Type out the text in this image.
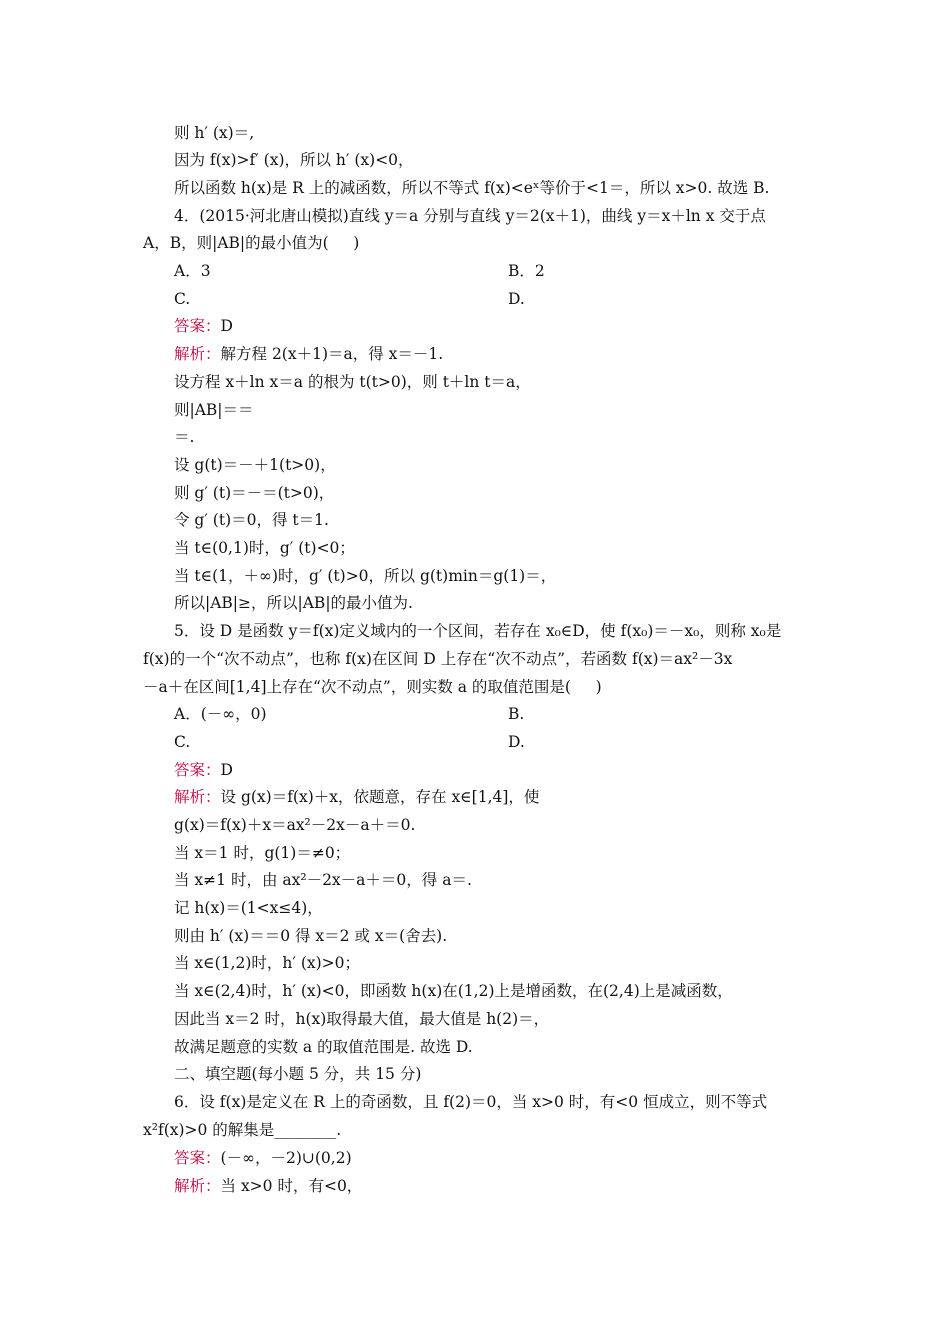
则 h′ (x)＝,
因为 f(x)>f′ (x)，所以 h′ (x)<0，
所以函数 h(x)是 R 上的减函数，所以不等式 f(x)<eˣ等价于<1＝，所以 x>0. 故选 B.
4．(2015·河北唐山模拟)直线 y＝a 分别与直线 y＝2(x＋1)，曲线 y＝x＋ln x 交于点
A，B，则|AB|的最小值为(     )
A．3	B．2
C.	D.
答案：D
解析：解方程 2(x＋1)＝a，得 x＝－1.
设方程 x＋ln x＝a 的根为 t(t>0)，则 t＋ln t＝a，
则|AB|＝＝
＝.
设 g(t)＝－＋1(t>0)，
则 g′ (t)＝－＝(t>0)，
令 g′ (t)＝0，得 t＝1.
当 t∈(0,1)时，g′ (t)<0；
当 t∈(1，＋∞)时，g′ (t)>0，所以 g(t)min＝g(1)＝，
所以|AB|≥，所以|AB|的最小值为.
5．设 D 是函数 y＝f(x)定义域内的一个区间，若存在 x₀∈D，使 f(x₀)＝－x₀，则称 x₀是
f(x)的一个“次不动点”，也称 f(x)在区间 D 上存在“次不动点”，若函数 f(x)＝ax²－3x
－a＋在区间[1,4]上存在“次不动点”，则实数 a 的取值范围是(     )
A．(－∞，0)	B.
C.	D.
答案：D
解析：设 g(x)＝f(x)＋x，依题意，存在 x∈[1,4]，使
g(x)＝f(x)＋x＝ax²－2x－a＋＝0.
当 x＝1 时，g(1)＝≠0；
当 x≠1 时，由 ax²－2x－a＋＝0，得 a＝.
记 h(x)＝(1<x≤4)，
则由 h′ (x)＝＝0 得 x＝2 或 x＝(舍去).
当 x∈(1,2)时，h′ (x)>0；
当 x∈(2,4)时，h′ (x)<0，即函数 h(x)在(1,2)上是增函数，在(2,4)上是减函数，
因此当 x＝2 时，h(x)取得最大值，最大值是 h(2)＝，
故满足题意的实数 a 的取值范围是. 故选 D.
二、填空题(每小题 5 分，共 15 分)
6．设 f(x)是定义在 R 上的奇函数，且 f(2)＝0，当 x>0 时，有<0 恒成立，则不等式
x²f(x)>0 的解集是________.
答案：(－∞，－2)∪(0,2)
解析：当 x>0 时，有<0，
